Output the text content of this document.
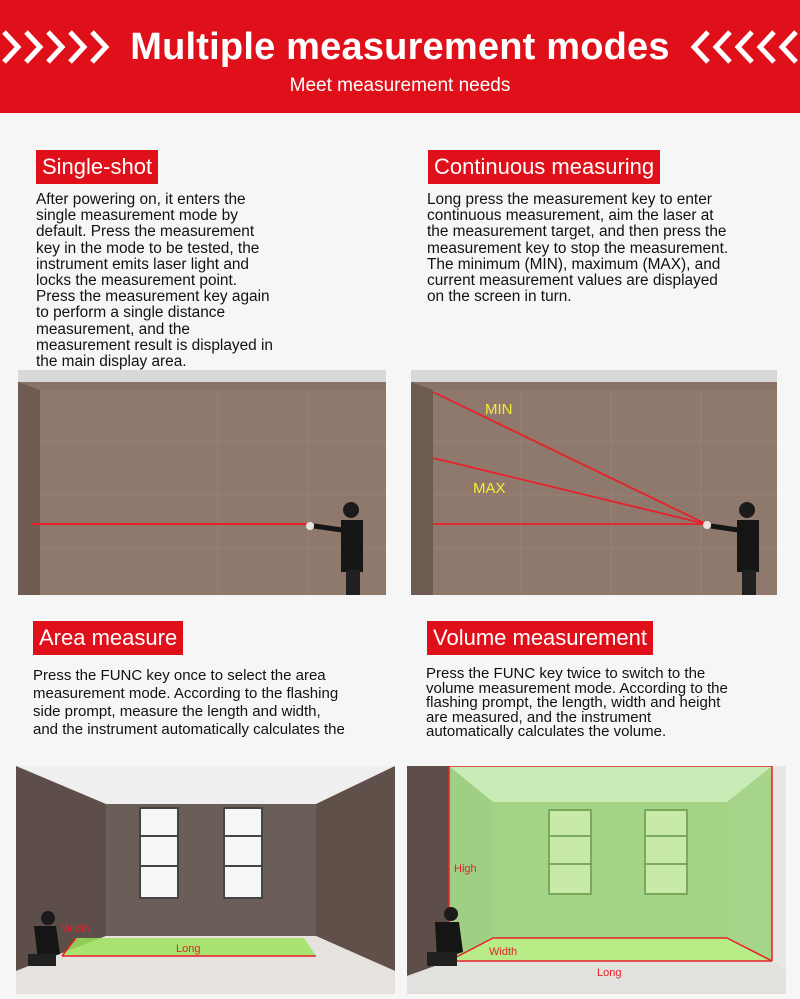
Multiple measurement modes
Meet measurement needs
Single-shot
After powering on, it enters the
single measurement mode by
default. Press the measurement
key in the mode to be tested, the
instrument emits laser light and
locks the measurement point.
Press the measurement key again
to perform a single distance
measurement, and the
measurement result is displayed in
the main display area.
Continuous measuring
Long press the measurement key to enter
continuous measurement, aim the laser at
the measurement target, and then press the
measurement key to stop the measurement.
The minimum (MIN), maximum (MAX), and
current measurement values are displayed
on the screen in turn.
MIN
MAX
Area measure
Press the FUNC key once to select the area
measurement mode. According to the flashing
side prompt, measure the length and width,
and the instrument automatically calculates the
Volume measurement
Press the FUNC key twice to switch to the
volume measurement mode. According to the
flashing prompt, the length, width and height
are measured, and the instrument
automatically calculates the volume.
Width
Long
High
Width
Long
